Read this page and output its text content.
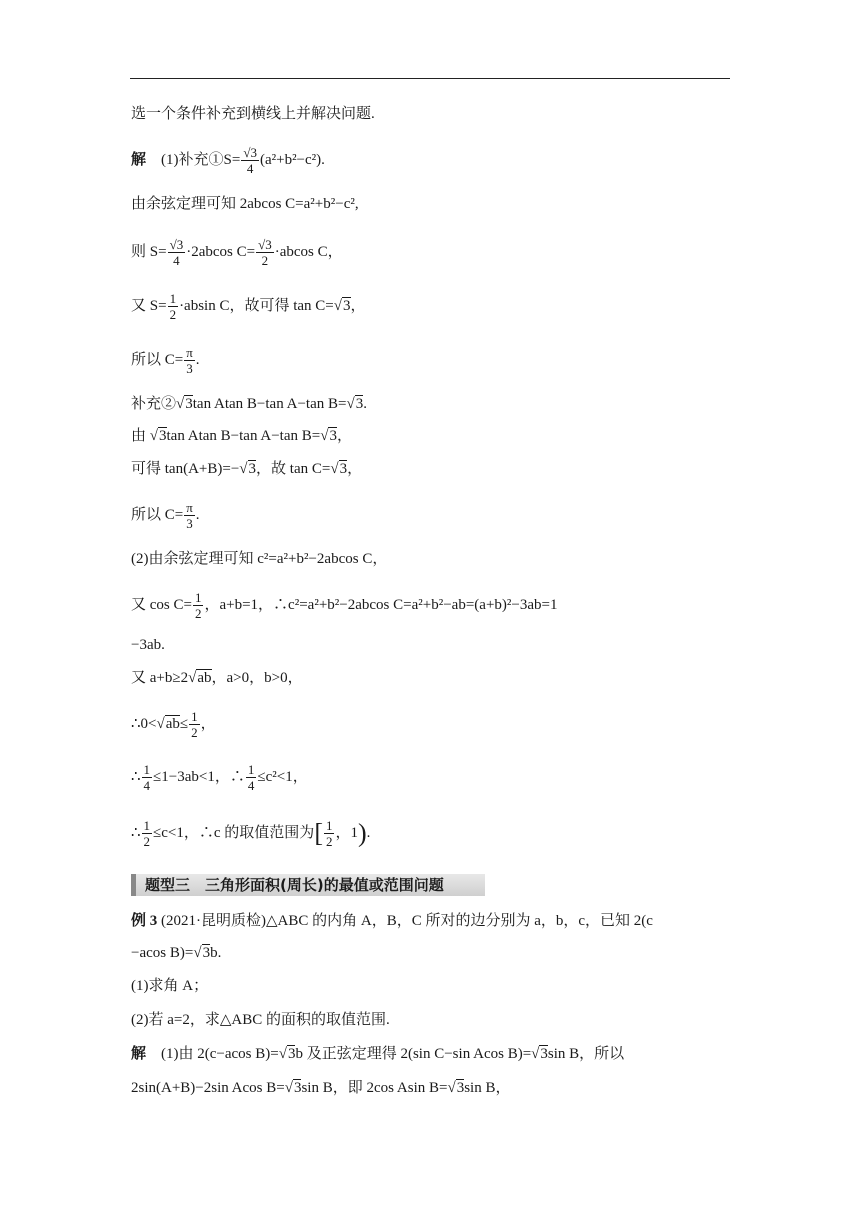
选一个条件补充到横线上并解决问题.
解 (1)补充①S= $\frac{√3}{4} (a^2+b^2-c^2)$.
由余弦定理可知 2abcos C=a²+b²−c²,
则 $S= \frac{√3}{4} \cdot 2abcos$ $C= \frac{√3}{2} \cdot abcos$ C，
又 $S= \frac{1}{2} \cdot absin$ C，故可得 tan C=√3，
所以 $C= \frac{\pi}{3}$ .
补充②√3tan Atan B−tan A−tan B=√3.
由 √3tan Atan B−tan A−tan B=√3，
可得 tan(A+B)=−√3，故 tan C=√3，
所以 $C= \frac{\pi}{3}$ .
(2)由余弦定理可知 c²=a²+b²−2abcos C，
又 $\cos C= \frac{1}{2}$ ，a+b=1，∴c²=a²+b²−2abcos C=a²+b²−ab=(a+b)²−3ab=1
−3ab.
又 a+b≥2√ab，a>0，b>0，
∴0<√ab≤ $\frac{1}{2}$ ，
∴ $\frac{1}{4} \le 1-3ab<1$，∴ $\frac{1}{4} \le c^2<1$，
∴ $\frac{1}{2} \le c<1$，∴c 的取值范围为[ $\frac{1}{2}$ ，1).
题型三　三角形面积(周长)的最值或范围问题
例 3 (2021·昆明质检)△ABC 的内角 A，B，C 所对的边分别为 a，b，c，已知 2(c
−acos B)=√3b.
(1)求角 A；
(2)若 a=2，求△ABC 的面积的取值范围.
解 (1)由 2(c−acos B)=√3b 及正弦定理得 2(sin C−sin Acos B)=√3sin B，所以
2sin(A+B)−2sin Acos B=√3sin B，即 2cos Asin B=√3sin B，
